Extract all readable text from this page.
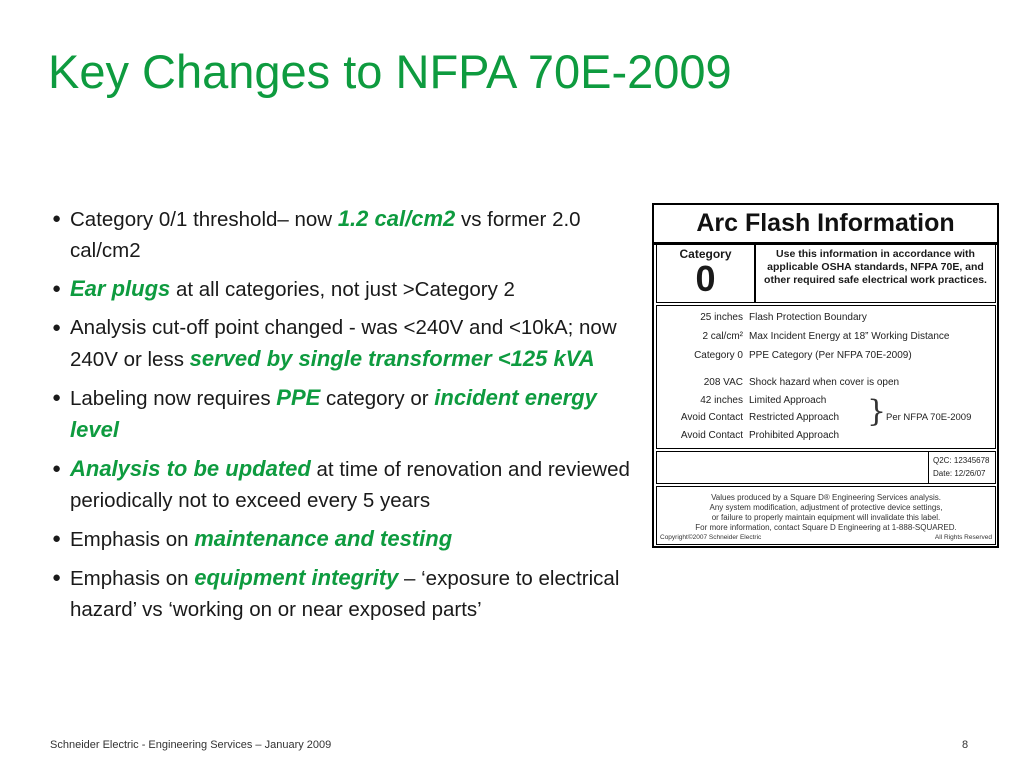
Key Changes to NFPA 70E-2009
● Category 0/1 threshold– now 1.2 cal/cm2 vs former 2.0 cal/cm2
● Ear plugs at all categories, not just >Category 2
● Analysis cut-off point changed - was <240V and <10kA; now 240V or less served by single transformer <125 kVA
● Labeling now requires PPE category or incident energy level
● Analysis to be updated at time of renovation and reviewed periodically not to exceed every 5 years
● Emphasis on maintenance and testing
● Emphasis on equipment integrity – ‘exposure to electrical hazard’ vs ‘working on or near exposed parts’
Arc Flash Information
Category
0
Use this information in accordance with applicable OSHA standards, NFPA 70E, and other required safe electrical work practices.
25 inches Flash Protection Boundary
2 cal/cm² Max Incident Energy at 18” Working Distance
Category 0 PPE Category (Per NFPA 70E-2009)
208 VAC Shock hazard when cover is open
42 inches Limited Approach
Avoid Contact Restricted Approach
Avoid Contact Prohibited Approach
} Per NFPA 70E-2009
Q2C: 12345678
Date: 12/26/07
Values produced by a Square D® Engineering Services analysis.
Any system modification, adjustment of protective device settings,
or failure to properly maintain equipment will invalidate this label.
For more information, contact Square D Engineering at 1-888-SQUARED.
Copyright©2007 Schneider Electric	All Rights Reserved
Schneider Electric - Engineering Services – January 2009	8
